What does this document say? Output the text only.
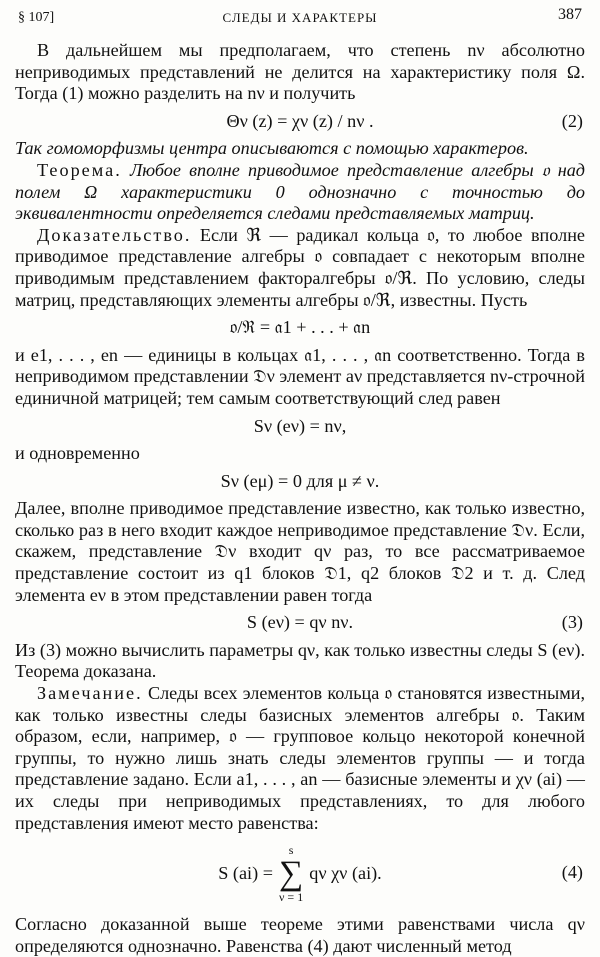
§ 107]	СЛЕДЫ И ХАРАКТЕРЫ	387

В дальнейшем мы предполагаем, что степень nν абсолютно неприводимых представлений не делится на характеристику поля Ω. Тогда (1) можно разделить на nν и получить

Θν (z) = χν (z) / nν .	(2)

Так гомоморфизмы центра описываются с помощью характеров.

Теорема. Любое вполне приводимое представление алгебры 𝔬 над полем Ω характеристики 0 однозначно с точностью до эквивалентности определяется следами представляемых матриц.

Доказательство. Если ℜ — радикал кольца 𝔬, то любое вполне приводимое представление алгебры 𝔬 совпадает с некоторым вполне приводимым представлением факторалгебры 𝔬/ℜ. По условию, следы матриц, представляющих элементы алгебры 𝔬/ℜ, известны. Пусть

𝔬/ℜ = 𝔞1 + . . . + 𝔞n

и e1, . . . , en — единицы в кольцах 𝔞1, . . . , 𝔞n соответственно. Тогда в неприводимом представлении 𝔇ν элемент aν представляется nν-строчной единичной матрицей; тем самым соответствующий след равен

Sν (eν) = nν,

и одновременно

Sν (eμ) = 0 для μ ≠ ν.

Далее, вполне приводимое представление известно, как только известно, сколько раз в него входит каждое неприводимое представление 𝔇ν. Если, скажем, представление 𝔇ν входит qν раз, то все рассматриваемое представление состоит из q1 блоков 𝔇1, q2 блоков 𝔇2 и т. д. След элемента eν в этом представлении равен тогда

S (eν) = qν nν.	(3)

Из (3) можно вычислить параметры qν, как только известны следы S (eν). Теорема доказана.

Замечание. Следы всех элементов кольца 𝔬 становятся известными, как только известны следы базисных элементов алгебры 𝔬. Таким образом, если, например, 𝔬 — групповое кольцо некоторой конечной группы, то нужно лишь знать следы элементов группы — и тогда представление задано. Если a1, . . . , an — базисные элементы и χν (ai) — их следы при неприводимых представлениях, то для любого представления имеют место равенства:

S (ai) =
s
∑
ν = 1
qν χν (ai).	(4)

Согласно доказанной выше теореме этими равенствами числа qν определяются однозначно. Равенства (4) дают численный метод
